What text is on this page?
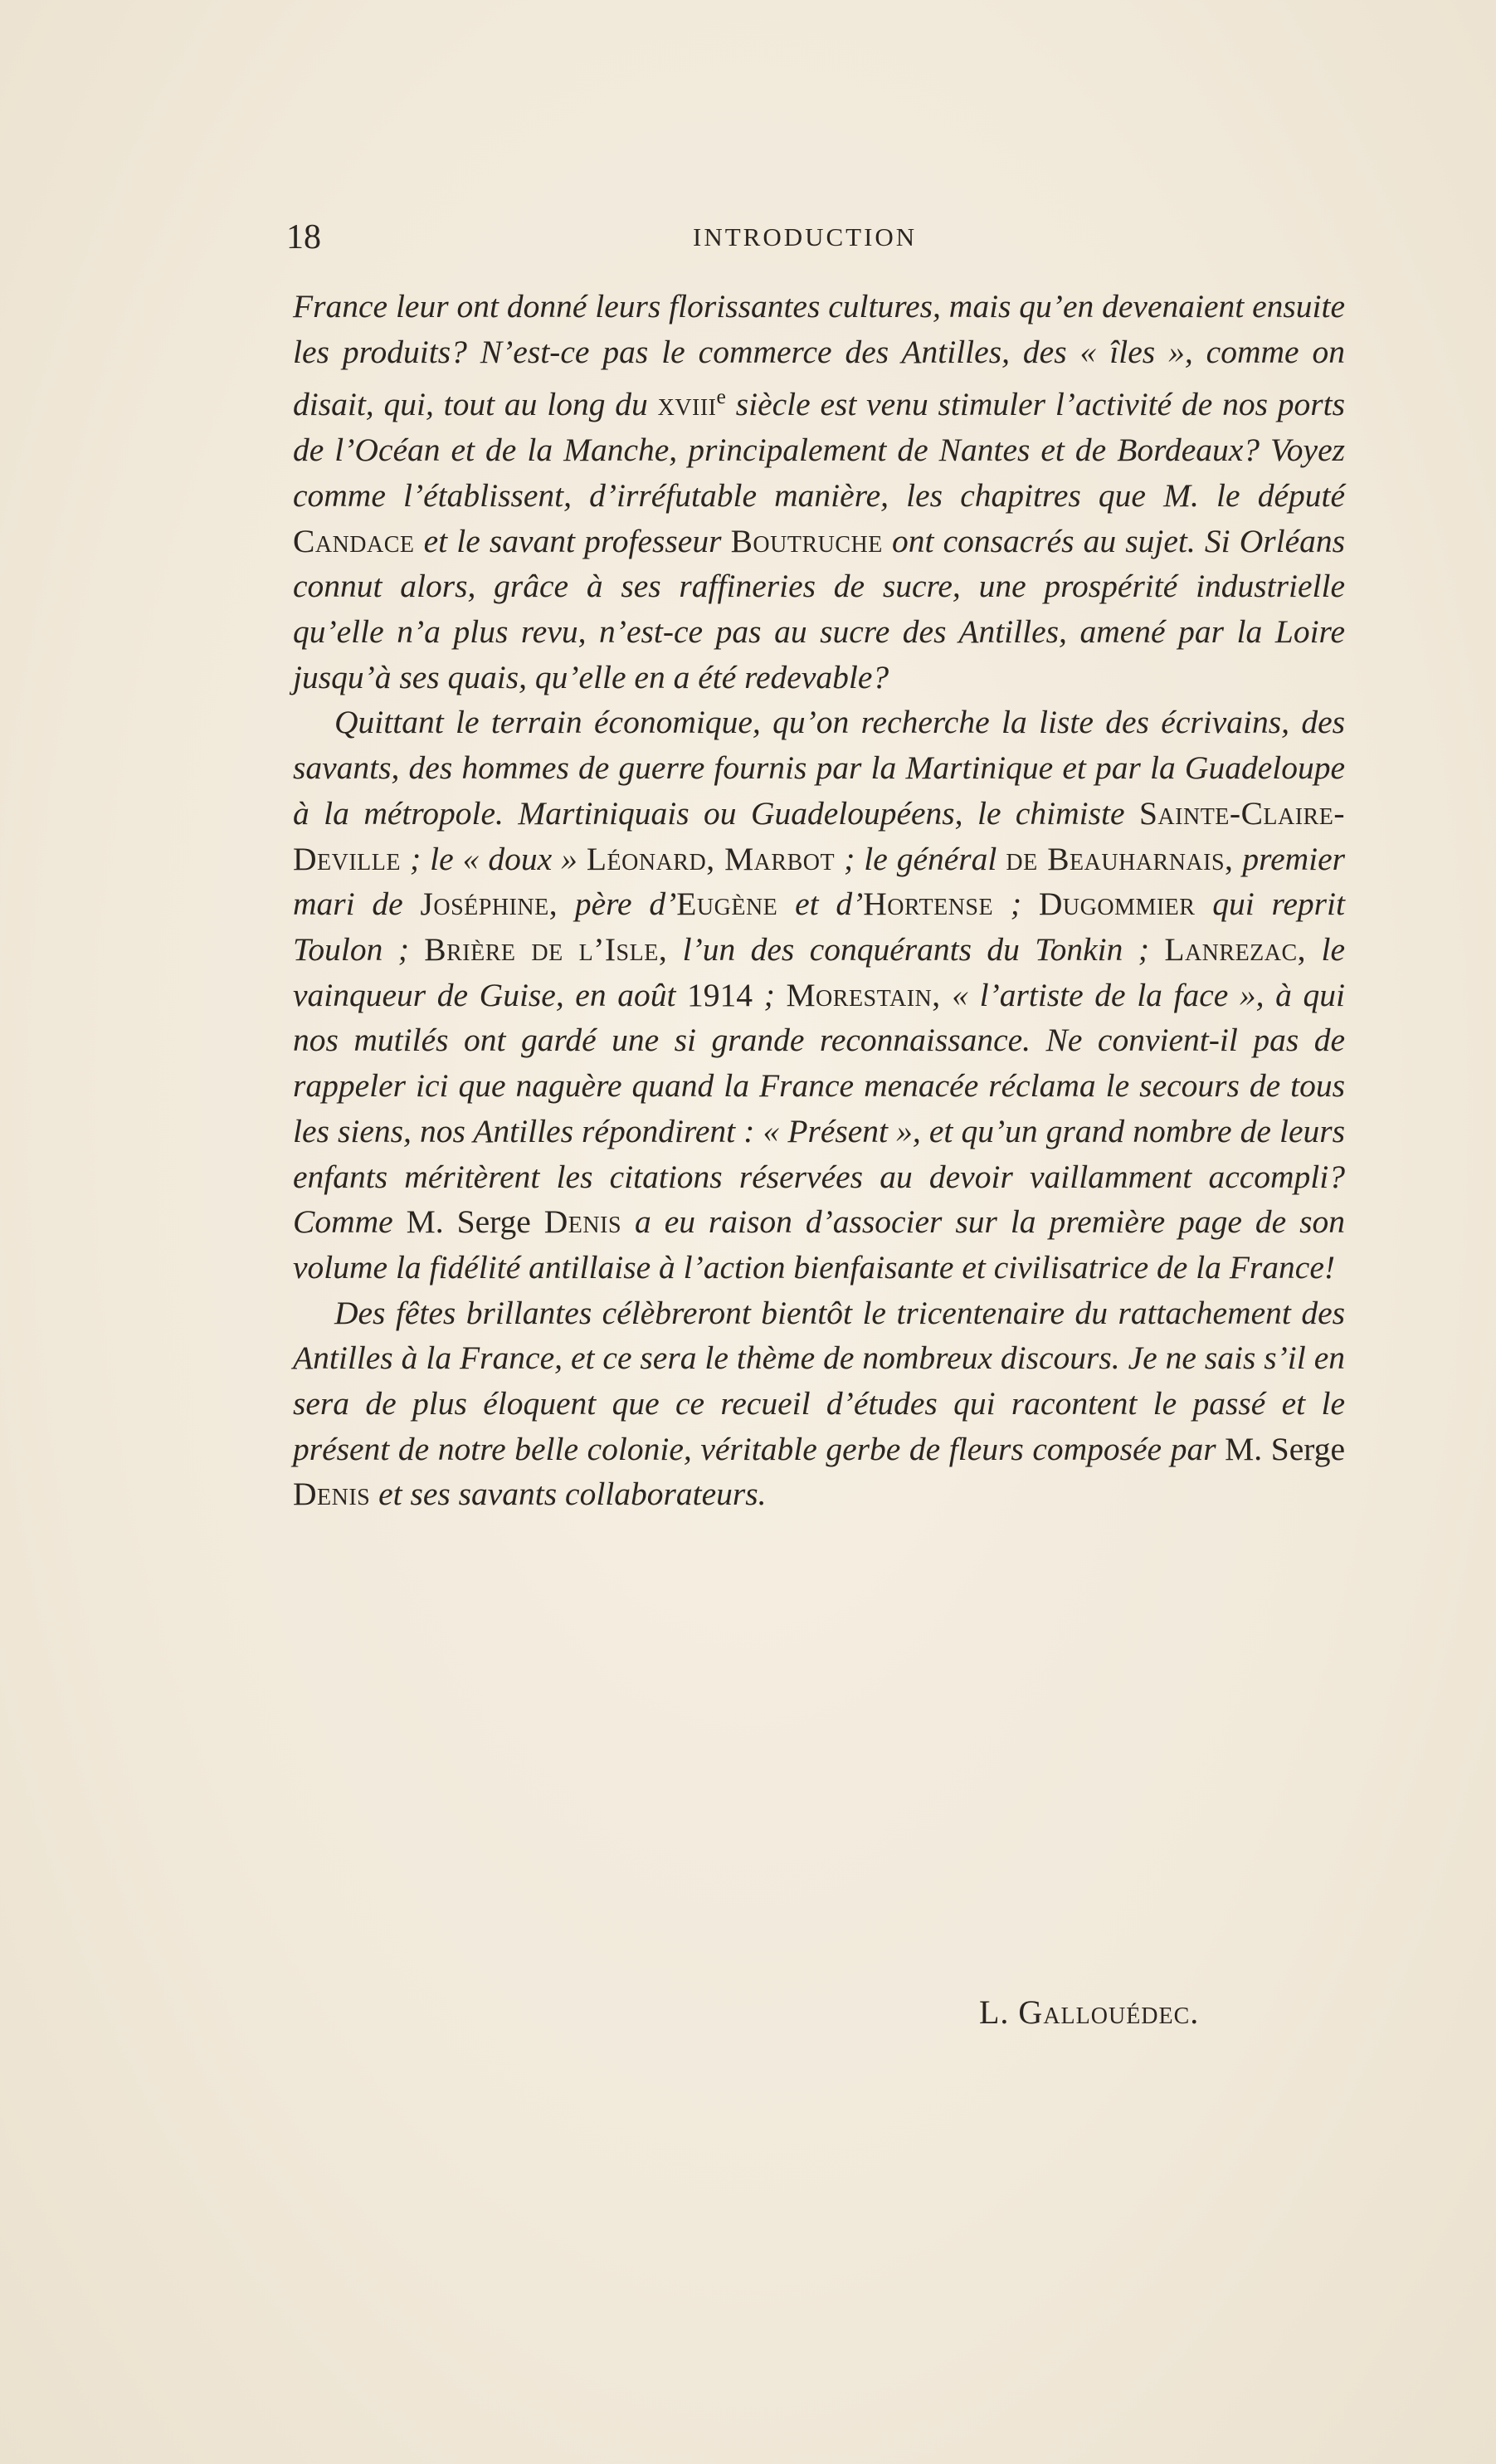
18	INTRODUCTION

France leur ont donné leurs florissantes cultures, mais qu’en devenaient ensuite les produits? N’est-ce pas le commerce des Antilles, des « îles », comme on disait, qui, tout au long du xviii$^e$ siècle est venu stimuler l’activité de nos ports de l’Océan et de la Manche, principalement de Nantes et de Bordeaux? Voyez comme l’établissent, d’irréfutable manière, les chapitres que M. le député Candace et le savant professeur Boutruche ont consacrés au sujet. Si Orléans connut alors, grâce à ses raffineries de sucre, une prospérité industrielle qu’elle n’a plus revu, n’est-ce pas au sucre des Antilles, amené par la Loire jusqu’à ses quais, qu’elle en a été redevable?

Quittant le terrain économique, qu’on recherche la liste des écrivains, des savants, des hommes de guerre fournis par la Martinique et par la Guadeloupe à la métropole. Martiniquais ou Guadeloupéens, le chimiste Sainte-Claire-Deville ; le « doux » Léonard, Marbot ; le général de Beauharnais, premier mari de Joséphine, père d’Eugène et d’Hortense ; Dugommier qui reprit Toulon ; Brière de l’Isle, l’un des conquérants du Tonkin ; Lanrezac, le vainqueur de Guise, en août 1914 ; Morestain, « l’artiste de la face », à qui nos mutilés ont gardé une si grande reconnaissance. Ne convient-il pas de rappeler ici que naguère quand la France menacée réclama le secours de tous les siens, nos Antilles répondirent : « Présent », et qu’un grand nombre de leurs enfants méritèrent les citations réservées au devoir vaillamment accompli? Comme M. Serge Denis a eu raison d’associer sur la première page de son volume la fidélité antillaise à l’action bienfaisante et civilisatrice de la France!

Des fêtes brillantes célèbreront bientôt le tricentenaire du rattachement des Antilles à la France, et ce sera le thème de nombreux discours. Je ne sais s’il en sera de plus éloquent que ce recueil d’études qui racontent le passé et le présent de notre belle colonie, véritable gerbe de fleurs composée par M. Serge Denis et ses savants collaborateurs.

L. Gallouédec.
